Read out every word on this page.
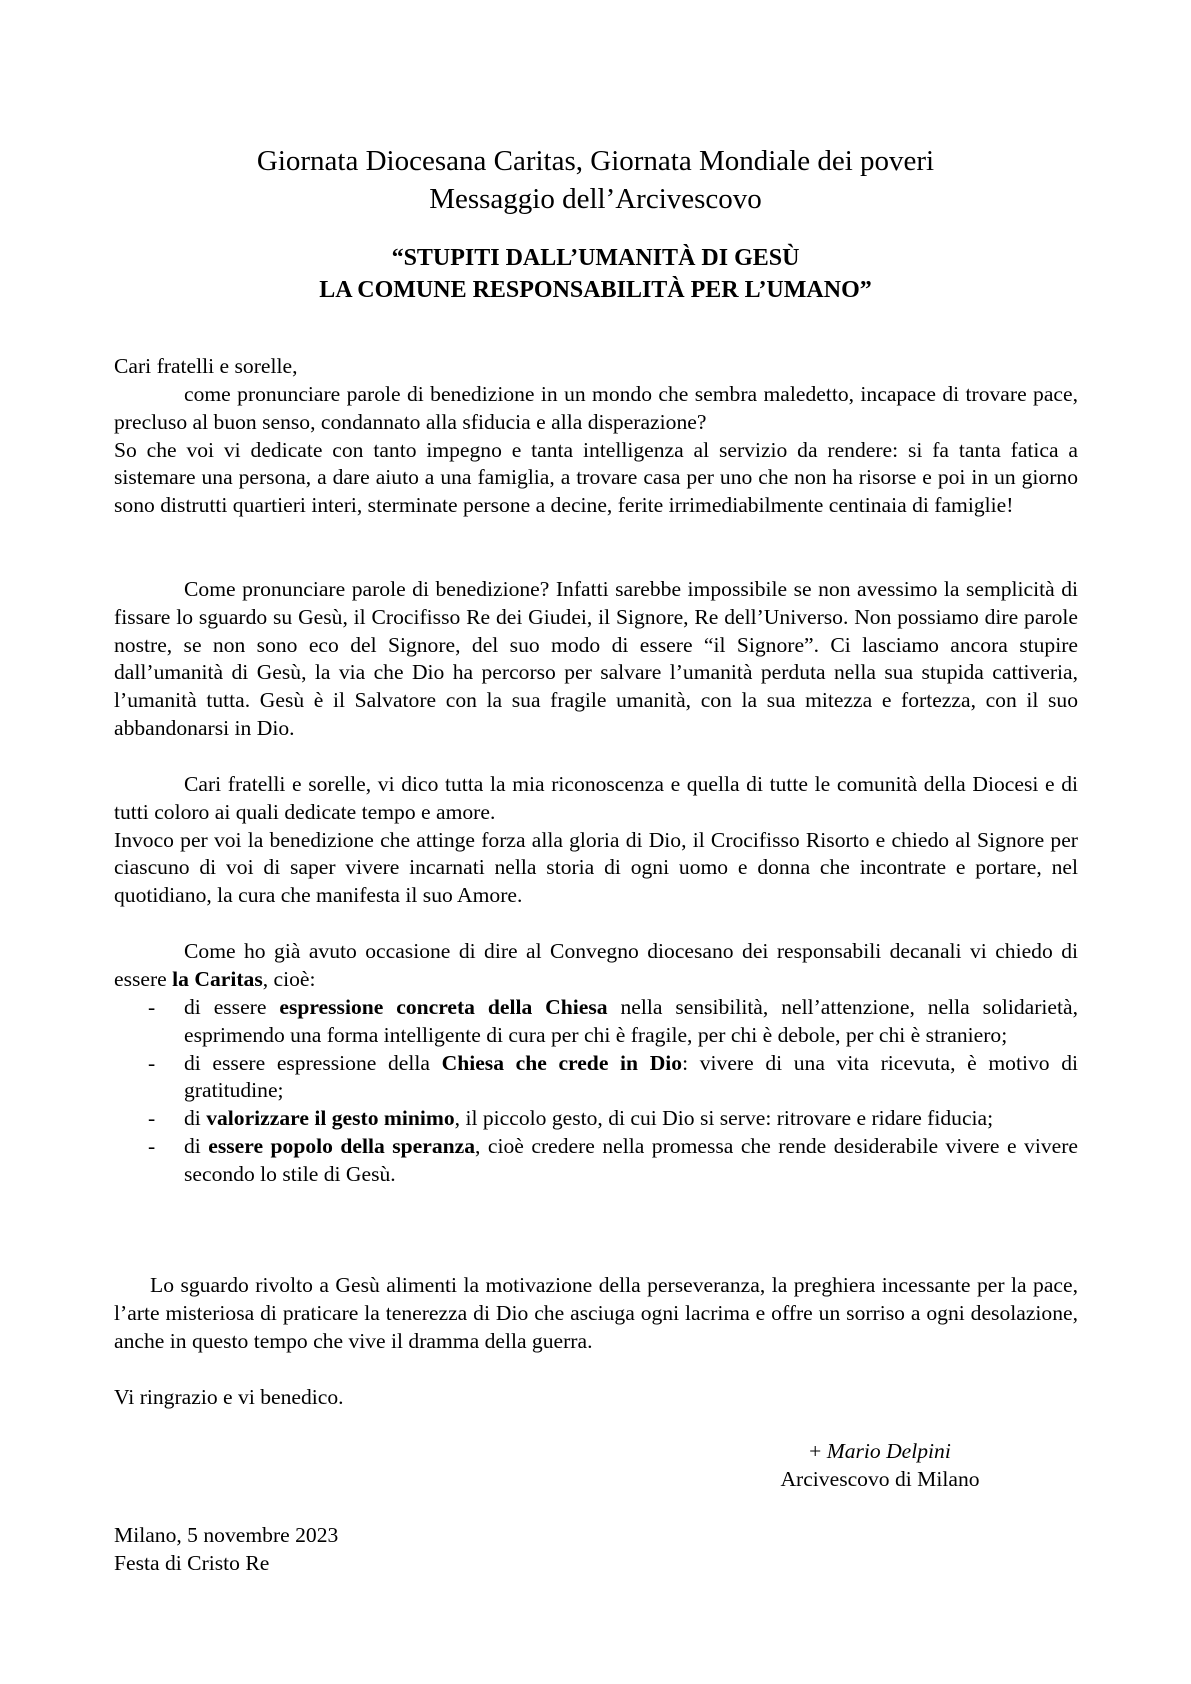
Giornata Diocesana Caritas, Giornata Mondiale dei poveri
Messaggio dell’Arcivescovo
“STUPITI DALL’UMANITÀ DI GESÙ
LA COMUNE RESPONSABILITÀ PER L’UMANO”
Cari fratelli e sorelle,
come pronunciare parole di benedizione in un mondo che sembra maledetto, incapace di trovare pace, precluso al buon senso, condannato alla sfiducia e alla disperazione?
So che voi vi dedicate con tanto impegno e tanta intelligenza al servizio da rendere: si fa tanta fatica a sistemare una persona, a dare aiuto a una famiglia, a trovare casa per uno che non ha risorse e poi in un giorno sono distrutti quartieri interi, sterminate persone a decine, ferite irrimediabilmente centinaia di famiglie!
Come pronunciare parole di benedizione? Infatti sarebbe impossibile se non avessimo la semplicità di fissare lo sguardo su Gesù, il Crocifisso Re dei Giudei, il Signore, Re dell’Universo. Non possiamo dire parole nostre, se non sono eco del Signore, del suo modo di essere “il Signore”. Ci lasciamo ancora stupire dall’umanità di Gesù, la via che Dio ha percorso per salvare l’umanità perduta nella sua stupida cattiveria, l’umanità tutta. Gesù è il Salvatore con la sua fragile umanità, con la sua mitezza e fortezza, con il suo abbandonarsi in Dio.
Cari fratelli e sorelle, vi dico tutta la mia riconoscenza e quella di tutte le comunità della Diocesi e di tutti coloro ai quali dedicate tempo e amore.
Invoco per voi la benedizione che attinge forza alla gloria di Dio, il Crocifisso Risorto e chiedo al Signore per ciascuno di voi di saper vivere incarnati nella storia di ogni uomo e donna che incontrate e portare, nel quotidiano, la cura che manifesta il suo Amore.
Come ho già avuto occasione di dire al Convegno diocesano dei responsabili decanali vi chiedo di essere la Caritas, cioè:
- di essere espressione concreta della Chiesa nella sensibilità, nell’attenzione, nella solidarietà, esprimendo una forma intelligente di cura per chi è fragile, per chi è debole, per chi è straniero;
- di essere espressione della Chiesa che crede in Dio: vivere di una vita ricevuta, è motivo di gratitudine;
- di valorizzare il gesto minimo, il piccolo gesto, di cui Dio si serve: ritrovare e ridare fiducia;
- di essere popolo della speranza, cioè credere nella promessa che rende desiderabile vivere e vivere secondo lo stile di Gesù.
Lo sguardo rivolto a Gesù alimenti la motivazione della perseveranza, la preghiera incessante per la pace, l’arte misteriosa di praticare la tenerezza di Dio che asciuga ogni lacrima e offre un sorriso a ogni desolazione, anche in questo tempo che vive il dramma della guerra.
Vi ringrazio e vi benedico.
+ Mario Delpini
Arcivescovo di Milano
Milano, 5 novembre 2023
Festa di Cristo Re
